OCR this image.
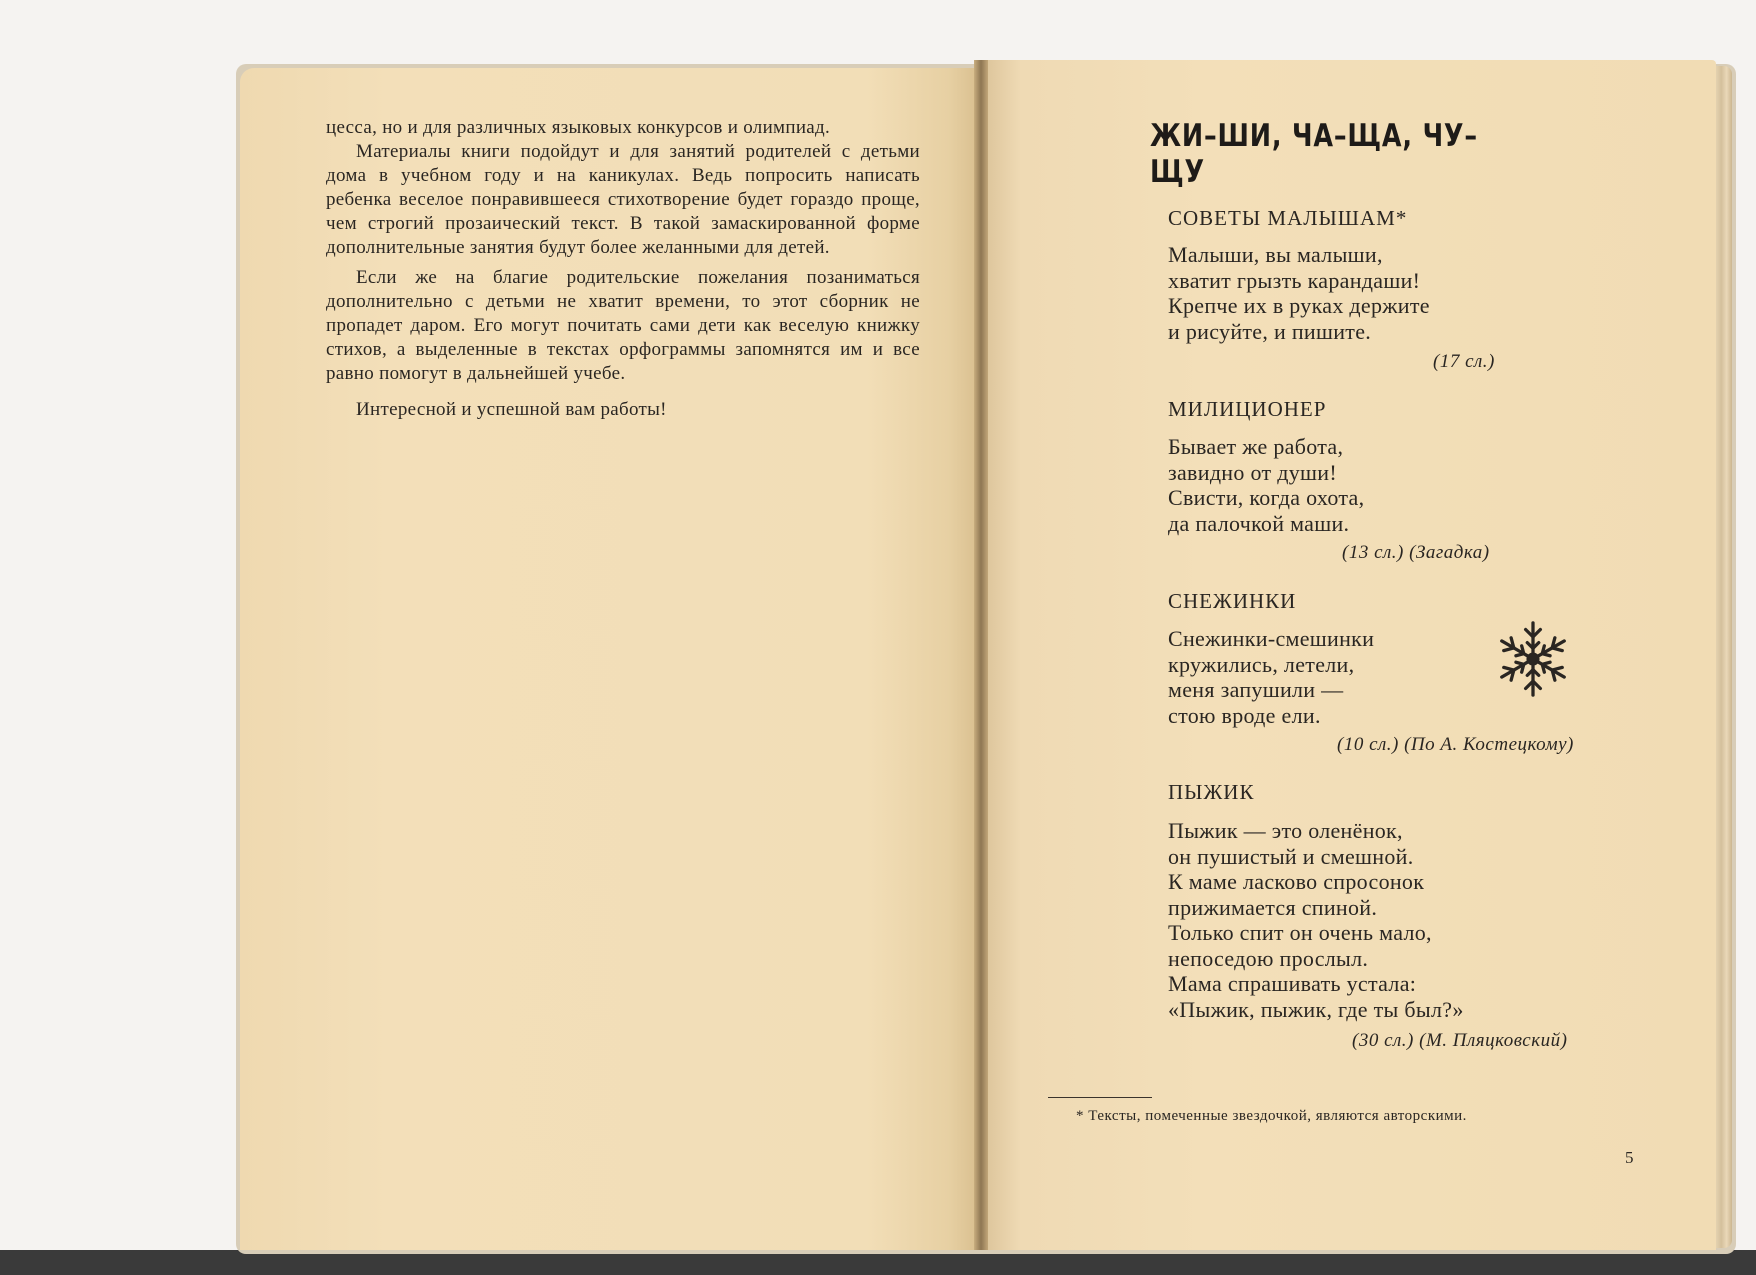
цесса, но и для различных языковых конкурсов и олимпиад.

Материалы книги подойдут и для занятий родителей с детьми дома в учебном году и на каникулах. Ведь попросить написать ребенка веселое понравившееся стихотворение будет гораздо проще, чем строгий прозаический текст. В такой замаскированной форме дополнительные занятия будут более желанными для детей.

Если же на благие родительские пожелания позаниматься дополнительно с детьми не хватит времени, то этот сборник не пропадет даром. Его могут почитать сами дети как веселую книжку стихов, а выделенные в текстах орфограммы запомнятся им и все равно помогут в дальнейшей учебе.

Интересной и успешной вам работы!

ЖИ–ШИ, ЧА–ЩА, ЧУ–ЩУ
СОВЕТЫ МАЛЫШАМ*
Малыши, вы малыши,
хватит грызть карандаши!
Крепче их в руках держите
и рисуйте, и пишите.
(17 сл.)
МИЛИЦИОНЕР
Бывает же работа,
завидно от души!
Свисти, когда охота,
да палочкой маши.
(13 сл.) (Загадка)
СНЕЖИНКИ
Снежинки-смешинки
кружились, летели,
меня запушили —
стою вроде ели.
(10 сл.) (По А. Костецкому)
ПЫЖИК
Пыжик — это оленёнок,
он пушистый и смешной.
К маме ласково спросонок
прижимается спиной.
Только спит он очень мало,
непоседою прослыл.
Мама спрашивать устала:
«Пыжик, пыжик, где ты был?»
(30 сл.) (М. Пляцковский)
* Тексты, помеченные звездочкой, являются авторскими.
5
